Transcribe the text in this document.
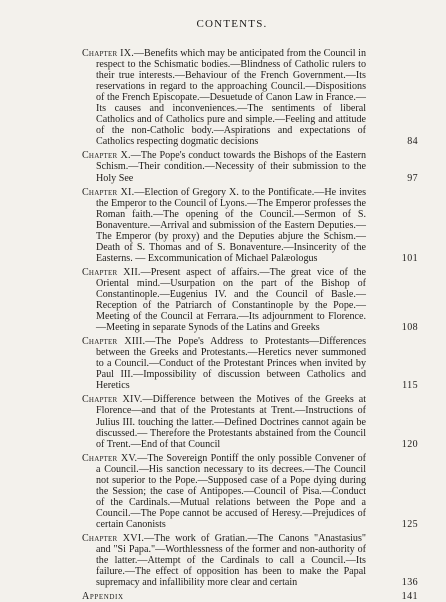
CONTENTS.
Chapter IX.—Benefits which may be anticipated from the Council in respect to the Schismatic bodies.—Blindness of Catholic rulers to their true interests.—Behaviour of the French Government.—Its reservations in regard to the approaching Council.—Dispositions of the French Episcopate.—Desuetude of Canon Law in France.—Its causes and inconveniences.—The sentiments of liberal Catholics and of Catholics pure and simple.—Feeling and attitude of the non-Catholic body.—Aspirations and expectations of Catholics respecting dogmatic decisions	84
Chapter X.—The Pope's conduct towards the Bishops of the Eastern Schism.—Their condition.—Necessity of their submission to the Holy See	97
Chapter XI.—Election of Gregory X. to the Pontificate.—He invites the Emperor to the Council of Lyons.—The Emperor professes the Roman faith.—The opening of the Council.—Sermon of S. Bonaventure.—Arrival and submission of the Eastern Deputies.—The Emperor (by proxy) and the Deputies abjure the Schism.—Death of S. Thomas and of S. Bonaventure.—Insincerity of the Easterns. — Excommunication of Michael Palæologus	101
Chapter XII.—Present aspect of affairs.—The great vice of the Oriental mind.—Usurpation on the part of the Bishop of Constantinople.—Eugenius IV. and the Council of Basle.—Reception of the Patriarch of Constantinople by the Pope.—Meeting of the Council at Ferrara.—Its adjournment to Florence.—Meeting in separate Synods of the Latins and Greeks	108
Chapter XIII.—The Pope's Address to Protestants—Differences between the Greeks and Protestants.—Heretics never summoned to a Council.—Conduct of the Protestant Princes when invited by Paul III.—Impossibility of discussion between Catholics and Heretics	115
Chapter XIV.—Difference between the Motives of the Greeks at Florence—and that of the Protestants at Trent.—Instructions of Julius III. touching the latter.—Defined Doctrines cannot again be discussed.— Therefore the Protestants abstained from the Council of Trent.—End of that Council	120
Chapter XV.—The Sovereign Pontiff the only possible Convener of a Council.—His sanction necessary to its decrees.—The Council not superior to the Pope.—Supposed case of a Pope dying during the Session; the case of Antipopes.—Council of Pisa.—Conduct of the Cardinals.—Mutual relations between the Pope and a Council.—The Pope cannot be accused of Heresy.—Prejudices of certain Canonists	125
Chapter XVI.—The work of Gratian.—The Canons "Anastasius" and "Si Papa."—Worthlessness of the former and non-authority of the latter.—Attempt of the Cardinals to call a Council.—Its failure.—The effect of opposition has been to make the Papal supremacy and infallibility more clear and certain	136
Appendix	141
